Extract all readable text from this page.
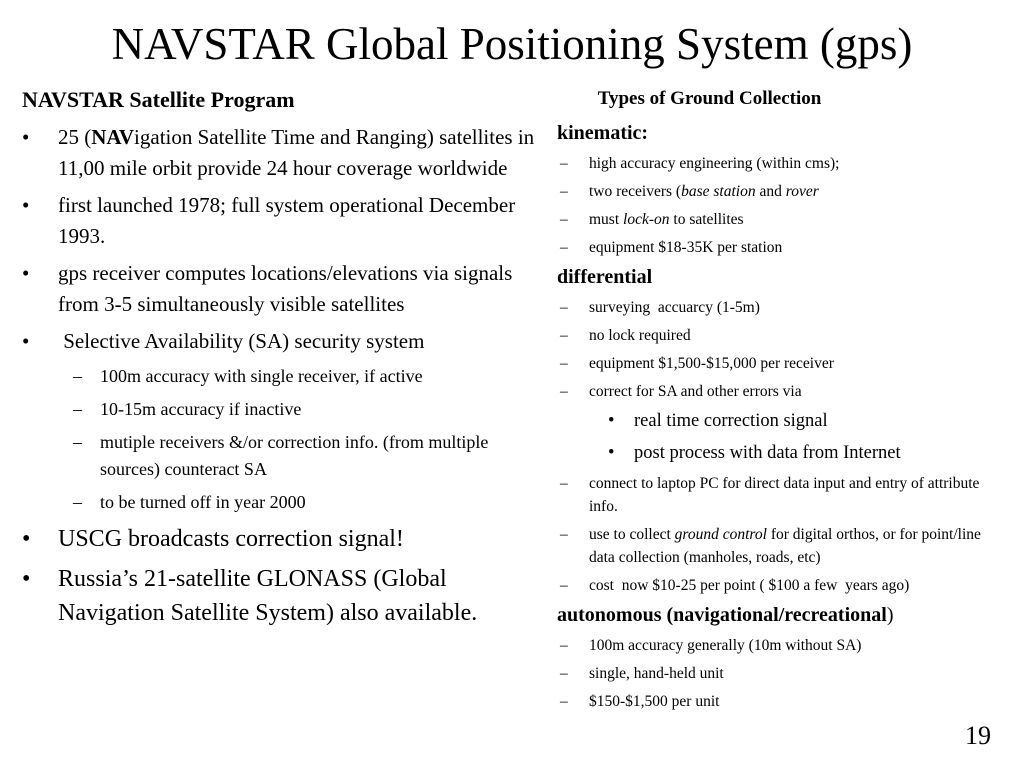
NAVSTAR Global Positioning System (gps)
NAVSTAR Satellite Program
• 25 (NAVigation Satellite Time and Ranging) satellites in 11,00 mile orbit provide 24 hour coverage worldwide
• first launched 1978; full system operational December 1993.
• gps receiver computes locations/elevations via signals from 3-5 simultaneously visible satellites
• Selective Availability (SA) security system
– 100m accuracy with single receiver, if active
– 10-15m accuracy if inactive
– mutiple receivers &/or correction info. (from multiple sources) counteract SA
– to be turned off in year 2000
• USCG broadcasts correction signal!
• Russia’s 21-satellite GLONASS (Global Navigation Satellite System) also available.
Types of Ground Collection
kinematic:
– high accuracy engineering (within cms);
– two receivers (base station and rover
– must lock-on to satellites
– equipment $18-35K per station
differential
– surveying  accuarcy (1-5m)
– no lock required
– equipment $1,500-$15,000 per receiver
– correct for SA and other errors via
• real time correction signal
• post process with data from Internet
– connect to laptop PC for direct data input and entry of attribute info.
– use to collect ground control for digital orthos, or for point/line  data collection (manholes, roads, etc)
– cost  now $10-25 per point ( $100 a few  years ago)
autonomous (navigational/recreational)
– 100m accuracy generally (10m without SA)
– single, hand-held unit
– $150-$1,500 per unit
19
